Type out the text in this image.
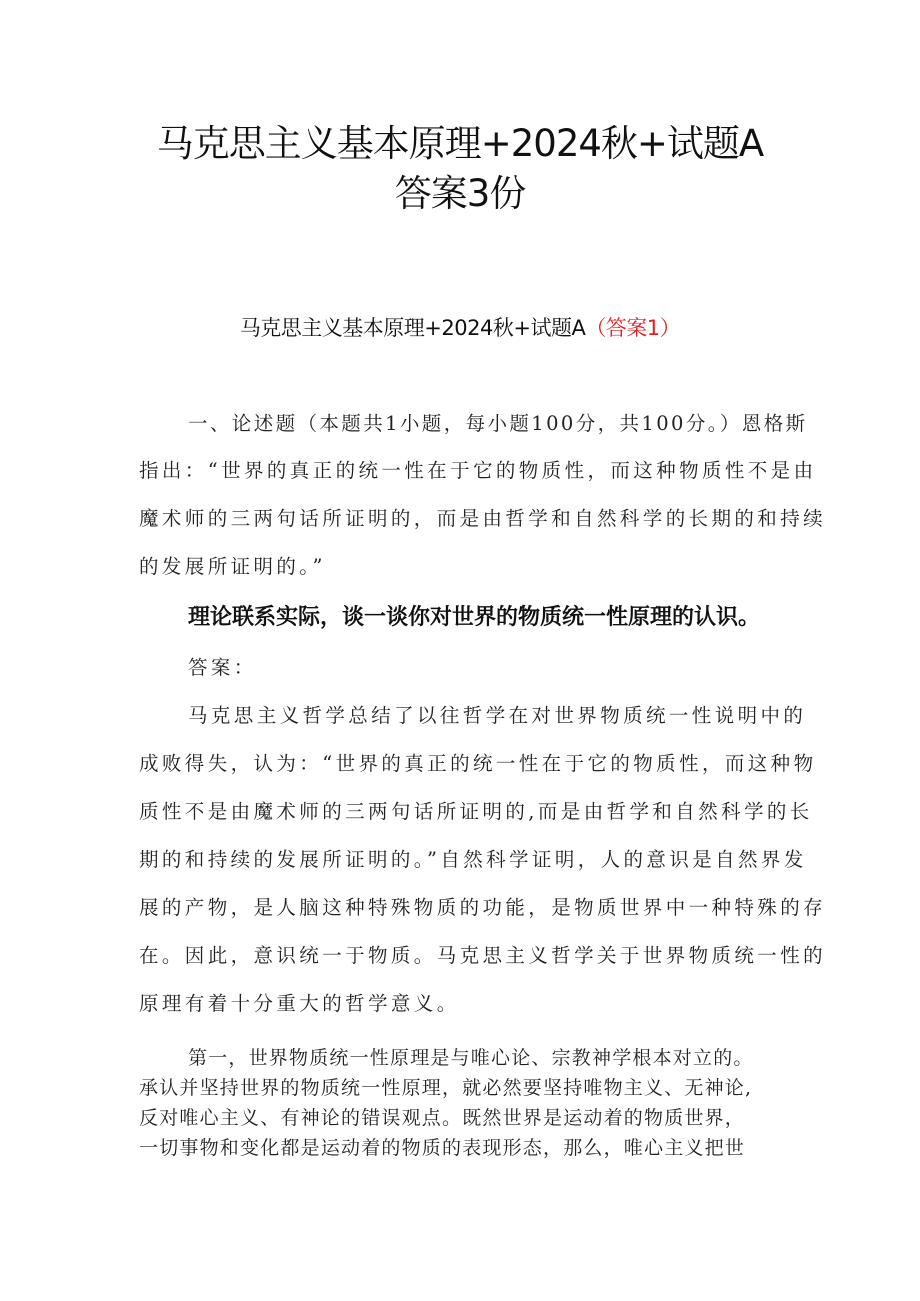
马克思主义基本原理+2024秋+试题A
答案3份
马克思主义基本原理+2024秋+试题A（答案1）
一、论述题（本题共1小题，每小题100分，共100分。）恩格斯
指出：“世界的真正的统一性在于它的物质性，而这种物质性不是由
魔术师的三两句话所证明的，而是由哲学和自然科学的长期的和持续
的发展所证明的。”
理论联系实际，谈一谈你对世界的物质统一性原理的认识。
答案：
马克思主义哲学总结了以往哲学在对世界物质统一性说明中的
成败得失，认为：“世界的真正的统一性在于它的物质性，而这种物
质性不是由魔术师的三两句话所证明的,而是由哲学和自然科学的长
期的和持续的发展所证明的。”自然科学证明，人的意识是自然界发
展的产物，是人脑这种特殊物质的功能，是物质世界中一种特殊的存
在。因此，意识统一于物质。马克思主义哲学关于世界物质统一性的
原理有着十分重大的哲学意义。
第一，世界物质统一性原理是与唯心论、宗教神学根本对立的。
承认并坚持世界的物质统一性原理，就必然要坚持唯物主义、无神论,
反对唯心主义、有神论的错误观点。既然世界是运动着的物质世界，
一切事物和变化都是运动着的物质的表现形态，那么，唯心主义把世
